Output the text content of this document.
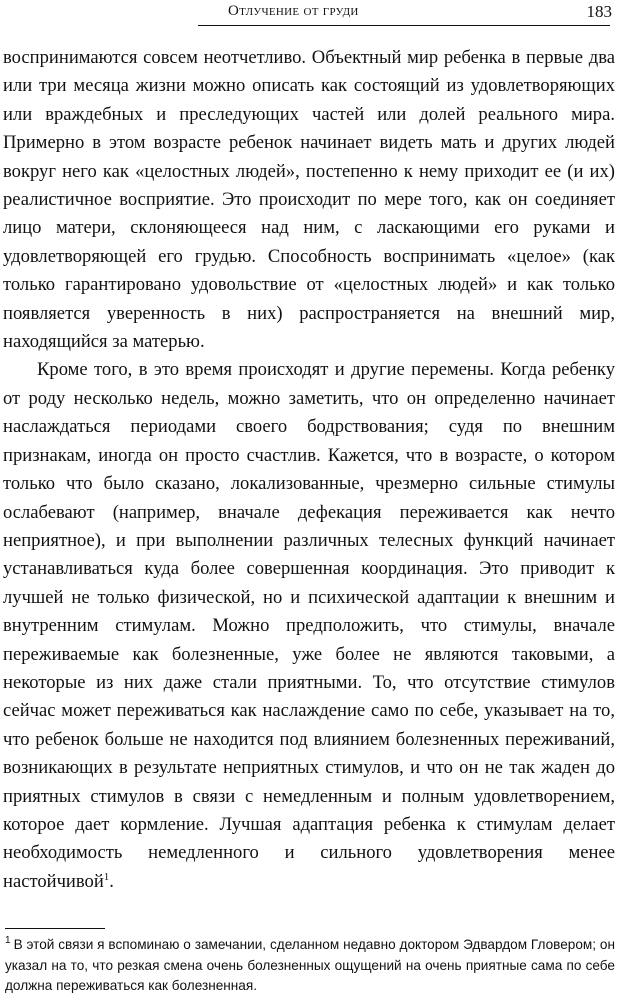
Отлучение от груди	183

воспринимаются совсем неотчетливо. Объектный мир ребенка в первые два или три месяца жизни можно описать как состоящий из удовлетворяющих или враждебных и преследующих частей или долей реального мира. Примерно в этом возрасте ребенок начинает видеть мать и других людей вокруг него как «целостных людей», постепенно к нему приходит ее (и их) реалистичное восприятие. Это происходит по мере того, как он соединяет лицо матери, склоняющееся над ним, с ласкающими его руками и удовлетворяющей его грудью. Способность воспринимать «целое» (как только гарантировано удовольствие от «целостных людей» и как только появляется уверенность в них) распространяется на внешний мир, находящийся за матерью.

Кроме того, в это время происходят и другие перемены. Когда ребенку от роду несколько недель, можно заметить, что он определенно начинает наслаждаться периодами своего бодрствования; судя по внешним признакам, иногда он просто счастлив. Кажется, что в возрасте, о котором только что было сказано, локализованные, чрезмерно сильные стимулы ослабевают (например, вначале дефекация переживается как нечто неприятное), и при выполнении различных телесных функций начинает устанавливаться куда более совершенная координация. Это приводит к лучшей не только физической, но и психической адаптации к внешним и внутренним стимулам. Можно предположить, что стимулы, вначале переживаемые как болезненные, уже более не являются таковыми, а некоторые из них даже стали приятными. То, что отсутствие стимулов сейчас может переживаться как наслаждение само по себе, указывает на то, что ребенок больше не находится под влиянием болезненных переживаний, возникающих в результате неприятных стимулов, и что он не так жаден до приятных стимулов в связи с немедленным и полным удовлетворением, которое дает кормление. Лучшая адаптация ребенка к стимулам делает необходимость немедленного и сильного удовлетворения менее настойчивой$^1$.

$^1$ В этой связи я вспоминаю о замечании, сделанном недавно доктором Эдвардом Гловером; он указал на то, что резкая смена очень болезненных ощущений на очень приятные сама по себе должна переживаться как болезненная.
